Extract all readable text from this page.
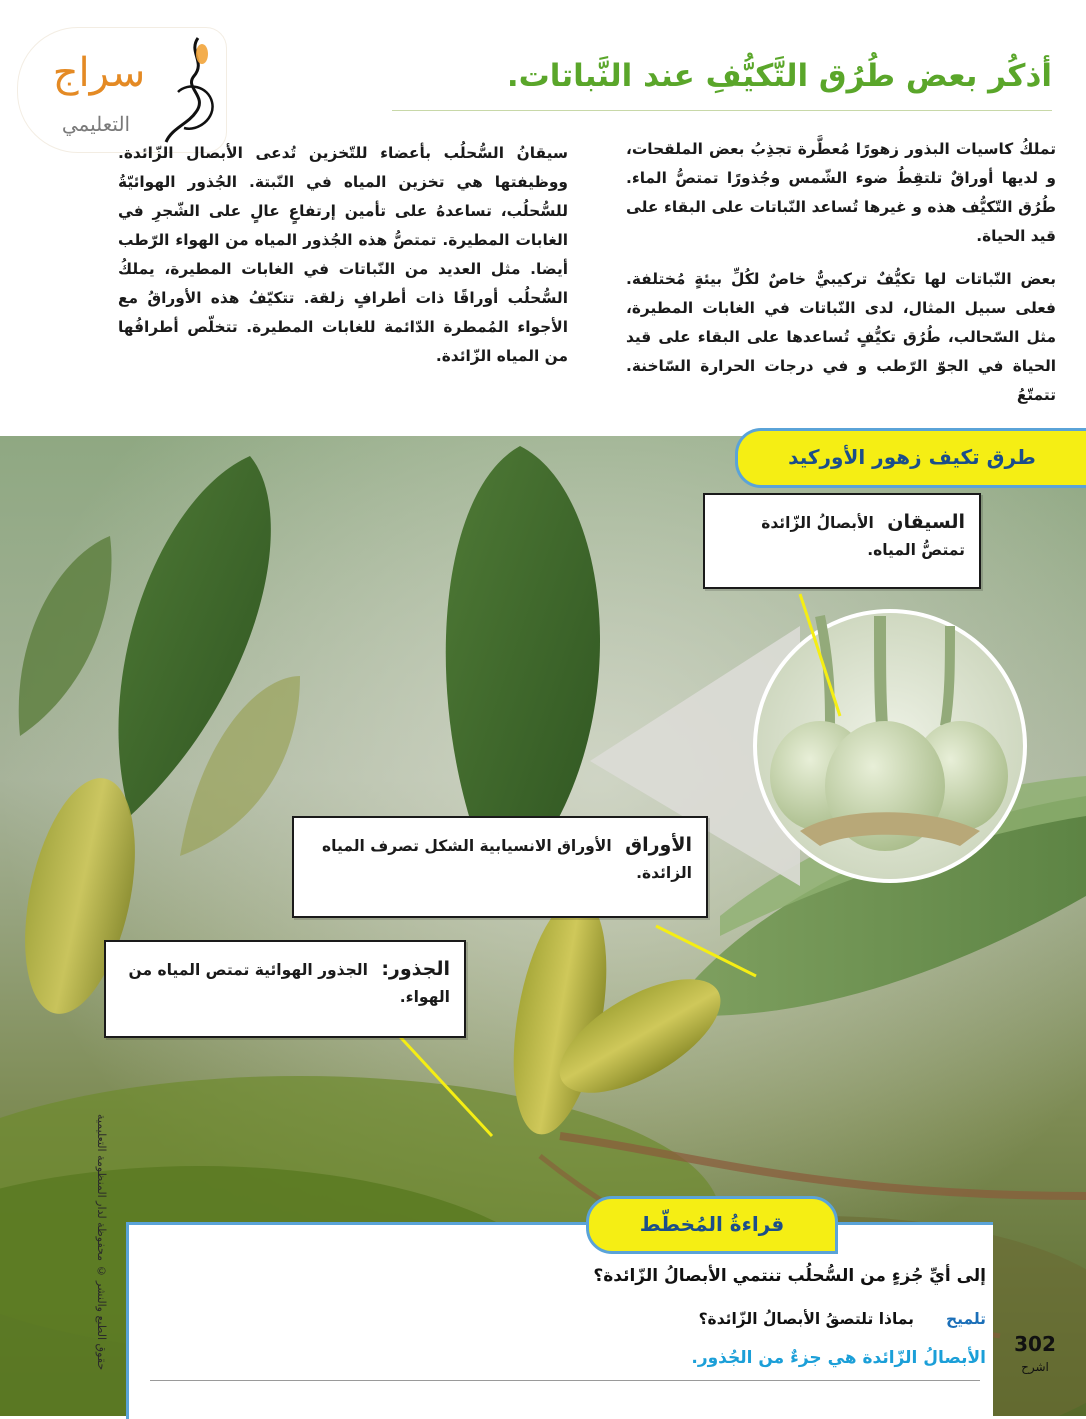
سراج
التعليمي
أذكُر بعض طُرُق التَّكيُّفِ عند النَّباتات.

تملكُ كاسيات البذور زهورًا مُعطَّرة تجذِبُ بعض الملقحات، و لديها أوراقٌ تلتقِطُ ضوء الشّمس وجُذورًا تمتصُّ الماء. طُرُق التّكيُّف هذه و غيرها تُساعد النّباتات على البقاء على قيد الحياة.

بعض النّباتات لها تكيُّفٌ تركيبيٌّ خاصٌ لكُلِّ بيئةٍ مُختلفة. فعلى سبيل المثال، لدى النّباتات في الغابات المطيرة، مثل السّحالب، طُرُق تكيُّفٍ تُساعدها على البقاء على قيد الحياة في الجوّ الرّطب و في درجات الحرارة السّاخنة. تتمتّعُ

سيقانُ السُّحلُب بأعضاء للتّخزين تُدعى الأبصال الزّائدة. ووظيفتها هي تخزين المياه في النّبتة. الجُذور الهوائيّةُ للسُّحلُب، تساعدهُ على تأمين إرتفاعٍ عالٍ على الشّجرِ في الغابات المطيرة. تمتصُّ هذه الجُذور المياه من الهواء الرّطب أيضا. مثل العديد من النّباتات في الغابات المطيرة، يملكُ السُّحلُب أوراقًا ذات أطرافٍ زلقة. تتكيّفُ هذه الأوراقُ مع الأجواء المُمطرة الدّائمة للغابات المطيرة. تتخلّص أطرافُها من المياه الزّائدة.

طرق تكيف زهور الأوركيد
السيقان الأبصالُ الزّائدة تمتصُّ المياه.
الأوراق الأوراق الانسيابية الشكل تصرف المياه الزائدة.
الجذور: الجذور الهوائية تمتص المياه من الهواء.
قراءةُ المُخطّط
إلى أيِّ جُزءٍ من السُّحلُب تنتمي الأبصالُ الزّائدة؟
تلميح
بماذا تلتصقُ الأبصالُ الزّائدة؟
الأبصالُ الزّائدة هي جزءٌ من الجُذور.
302
اشرح
حقوق الطبع والنشر © محفوظة لدار المنظومة التعليمية
